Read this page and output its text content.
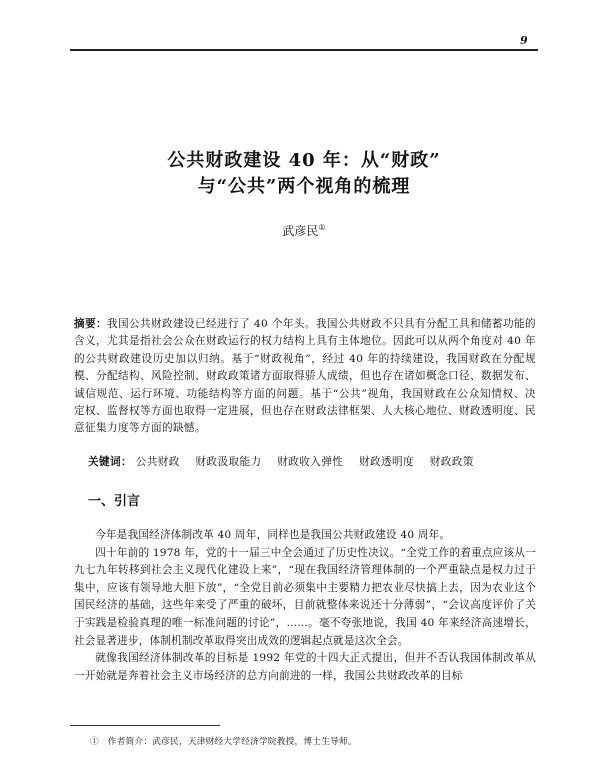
9
公共财政建设 40 年：从“财政”
与“公共”两个视角的梳理
武彦民①
摘要：我国公共财政建设已经进行了 40 个年头。我国公共财政不只具有分配工具和储蓄功能的含义，尤其是指社会公众在财政运行的权力结构上具有主体地位。因此可以从两个角度对 40 年的公共财政建设历史加以归纳。基于“财政视角”，经过 40 年的持续建设，我国财政在分配规模、分配结构、风险控制、财政政策诸方面取得骄人成绩，但也存在诸如概念口径、数据发布、诚信规范、运行环境、功能结构等方面的问题。基于“公共”视角，我国财政在公众知情权、决定权、监督权等方面也取得一定进展，但也存在财政法律框架、人大核心地位、财政透明度、民意征集力度等方面的缺憾。
关键词： 公共财政 财政汲取能力 财政收入弹性 财政透明度 财政政策
一、引言

今年是我国经济体制改革 40 周年，同样也是我国公共财政建设 40 周年。

四十年前的 1978 年，党的十一届三中全会通过了历史性决议。“全党工作的着重点应该从一九七九年转移到社会主义现代化建设上来”，“现在我国经济管理体制的一个严重缺点是权力过于集中，应该有领导地大胆下放”，“全党目前必须集中主要精力把农业尽快搞上去，因为农业这个国民经济的基础，这些年来受了严重的破坏，目前就整体来说还十分薄弱”，“会议高度评价了关于实践是检验真理的唯一标准问题的讨论”，……。毫不夸张地说，我国 40 年来经济高速增长，社会显著进步，体制机制改革取得突出成效的逻辑起点就是这次全会。

就像我国经济体制改革的目标是 1992 年党的十四大正式提出，但并不否认我国体制改革从一开始就是奔着社会主义市场经济的总方向前进的一样，我国公共财政改革的目标

①　作者简介：武彦民，天津财经大学经济学院教授，博士生导师。
